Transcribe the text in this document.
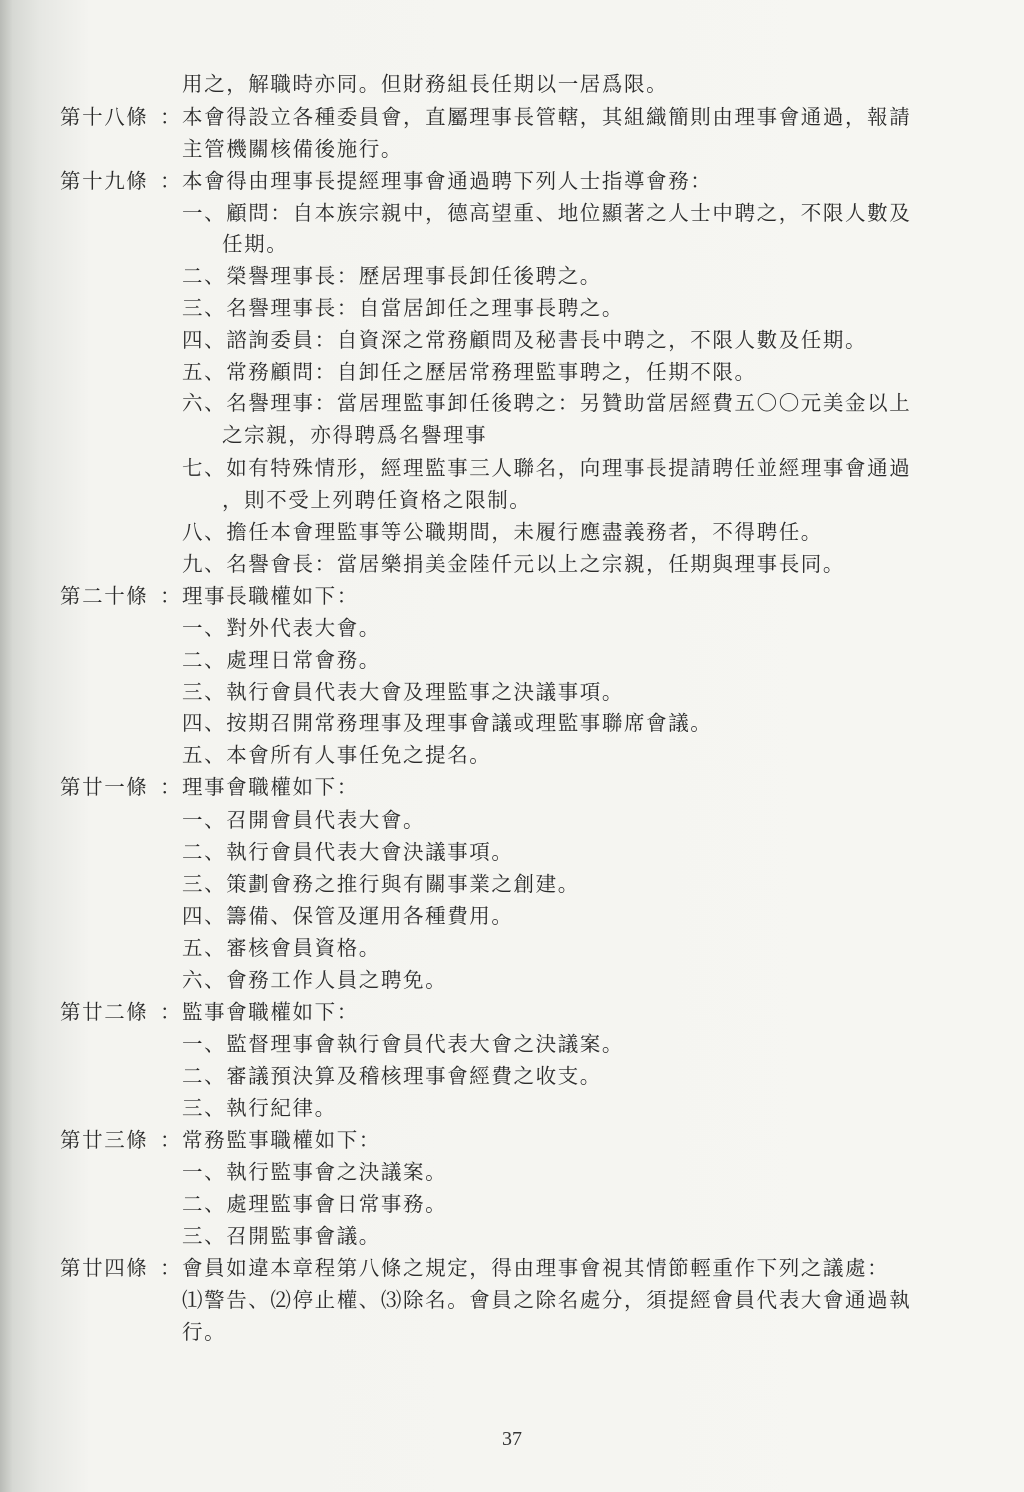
用之，解職時亦同。但財務組長任期以一居爲限。
第十八條 ： 本會得設立各種委員會，直屬理事長管轄，其組織簡則由理事會通過，報請
主管機關核備後施行。
第十九條 ： 本會得由理事長提經理事會通過聘下列人士指導會務：
一、顧問：自本族宗親中，德高望重、地位顯著之人士中聘之，不限人數及
任期。
二、榮譽理事長：歷居理事長卸任後聘之。
三、名譽理事長：自當居卸任之理事長聘之。
四、諮詢委員：自資深之常務顧問及秘書長中聘之，不限人數及任期。
五、常務顧問：自卸任之歷居常務理監事聘之，任期不限。
六、名譽理事：當居理監事卸任後聘之：另贊助當居經費五〇〇元美金以上
之宗親，亦得聘爲名譽理事
七、如有特殊情形，經理監事三人聯名，向理事長提請聘任並經理事會通過
，則不受上列聘任資格之限制。
八、擔任本會理監事等公職期間，未履行應盡義務者，不得聘任。
九、名譽會長：當居樂捐美金陸仟元以上之宗親，任期與理事長同。
第二十條 ： 理事長職權如下：
一、對外代表大會。
二、處理日常會務。
三、執行會員代表大會及理監事之決議事項。
四、按期召開常務理事及理事會議或理監事聯席會議。
五、本會所有人事任免之提名。
第廿一條 ： 理事會職權如下：
一、召開會員代表大會。
二、執行會員代表大會決議事項。
三、策劃會務之推行與有關事業之創建。
四、籌備、保管及運用各種費用。
五、審核會員資格。
六、會務工作人員之聘免。
第廿二條 ： 監事會職權如下：
一、監督理事會執行會員代表大會之決議案。
二、審議預決算及稽核理事會經費之收支。
三、執行紀律。
第廿三條 ： 常務監事職權如下：
一、執行監事會之決議案。
二、處理監事會日常事務。
三、召開監事會議。
第廿四條 ： 會員如違本章程第八條之規定，得由理事會視其情節輕重作下列之議處：
⑴警告、⑵停止權、⑶除名。會員之除名處分，須提經會員代表大會通過執
行。
37
